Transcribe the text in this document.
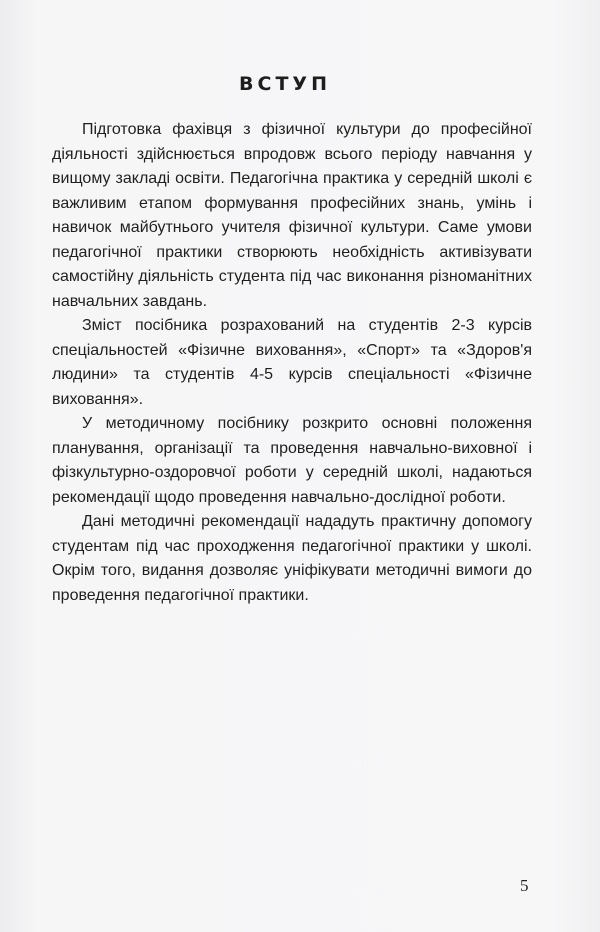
ВСТУП

Підготовка фахівця з фізичної культури до професійної діяльності здійснюється впродовж всього періоду навчання у вищому закладі освіти. Педагогічна практика у середній школі є важливим етапом формування професійних знань, умінь і навичок майбутнього учителя фізичної культури. Саме умови педагогічної практики створюють необхідність активізувати самостійну діяльність студента під час виконання різноманітних навчальних завдань.

Зміст посібника розрахований на студентів 2-3 курсів спеціальностей «Фізичне виховання», «Спорт» та «Здоров'я людини» та студентів 4-5 курсів спеціальності «Фізичне виховання».

У методичному посібнику розкрито основні положення планування, організації та проведення навчально-виховної і фізкультурно-оздоровчої роботи у середній школі, надаються рекомендації щодо проведення навчально-дослідної роботи.

Дані методичні рекомендації нададуть практичну допомогу студентам під час проходження педагогічної практики у школі. Окрім того, видання дозволяє уніфікувати методичні вимоги до проведення педагогічної практики.

5
